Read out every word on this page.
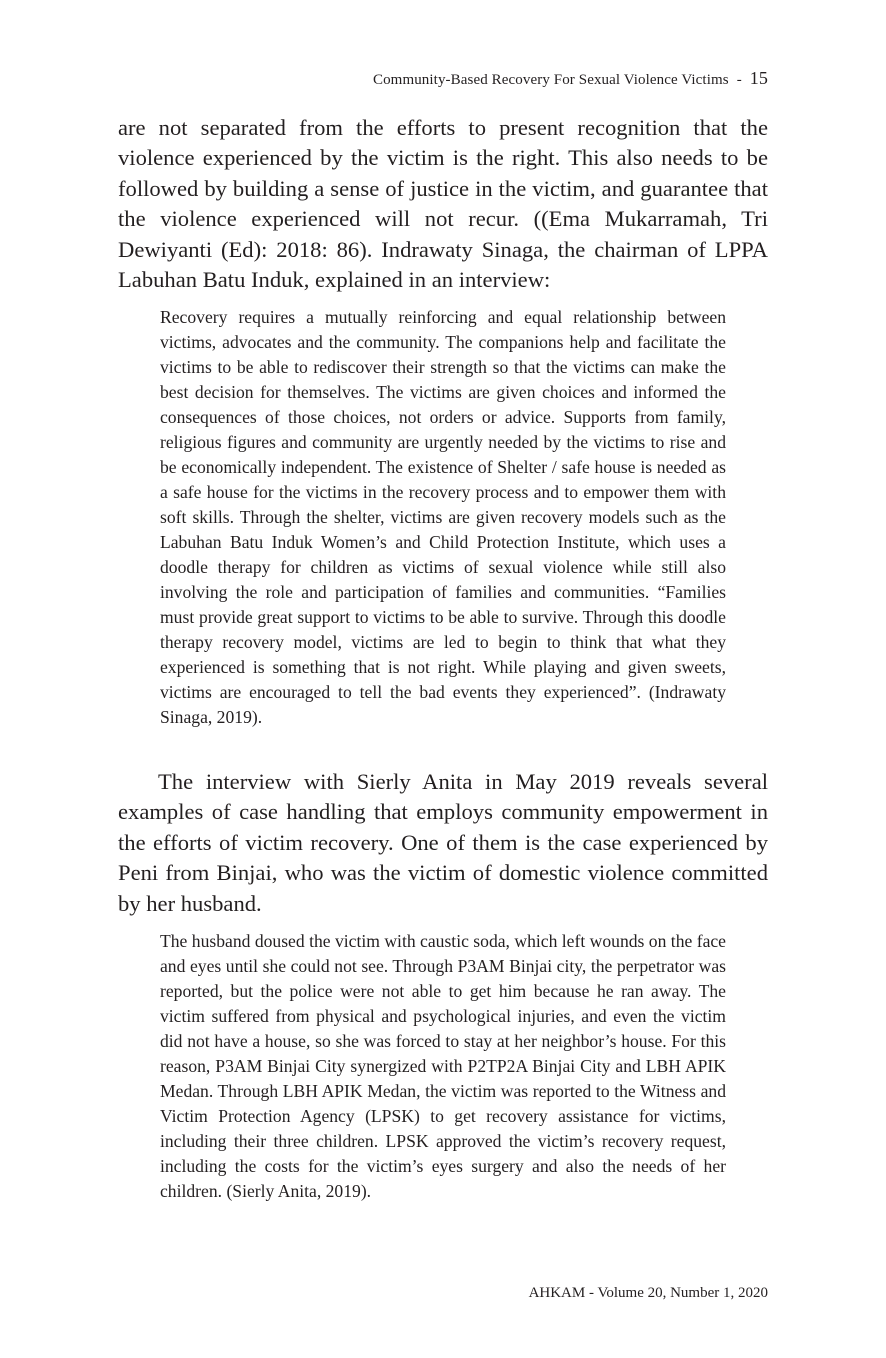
Community-Based Recovery For Sexual Violence Victims - 15

are not separated from the efforts to present recognition that the violence experienced by the victim is the right. This also needs to be followed by building a sense of justice in the victim, and guarantee that the violence experienced will not recur. ((Ema Mukarramah, Tri Dewiyanti (Ed): 2018: 86). Indrawaty Sinaga, the chairman of LPPA Labuhan Batu Induk, explained in an interview:

Recovery requires a mutually reinforcing and equal relationship between victims, advocates and the community. The companions help and facilitate the victims to be able to rediscover their strength so that the victims can make the best decision for themselves. The victims are given choices and informed the consequences of those choices, not orders or advice. Supports from family, religious figures and community are urgently needed by the victims to rise and be economically independent. The existence of Shelter / safe house is needed as a safe house for the victims in the recovery process and to empower them with soft skills. Through the shelter, victims are given recovery models such as the Labuhan Batu Induk Women’s and Child Protection Institute, which uses a doodle therapy for children as victims of sexual violence while still also involving the role and participation of families and communities. “Families must provide great support to victims to be able to survive. Through this doodle therapy recovery model, victims are led to begin to think that what they experienced is something that is not right. While playing and given sweets, victims are encouraged to tell the bad events they experienced”. (Indrawaty Sinaga, 2019).

The interview with Sierly Anita in May 2019 reveals several examples of case handling that employs community empowerment in the efforts of victim recovery. One of them is the case experienced by Peni from Binjai, who was the victim of domestic violence committed by her husband.

The husband doused the victim with caustic soda, which left wounds on the face and eyes until she could not see. Through P3AM Binjai city, the perpetrator was reported, but the police were not able to get him because he ran away. The victim suffered from physical and psychological injuries, and even the victim did not have a house, so she was forced to stay at her neighbor’s house. For this reason, P3AM Binjai City synergized with P2TP2A Binjai City and LBH APIK Medan. Through LBH APIK Medan, the victim was reported to the Witness and Victim Protection Agency (LPSK) to get recovery assistance for victims, including their three children. LPSK approved the victim’s recovery request, including the costs for the victim’s eyes surgery and also the needs of her children. (Sierly Anita, 2019).

AHKAM - Volume 20, Number 1, 2020
